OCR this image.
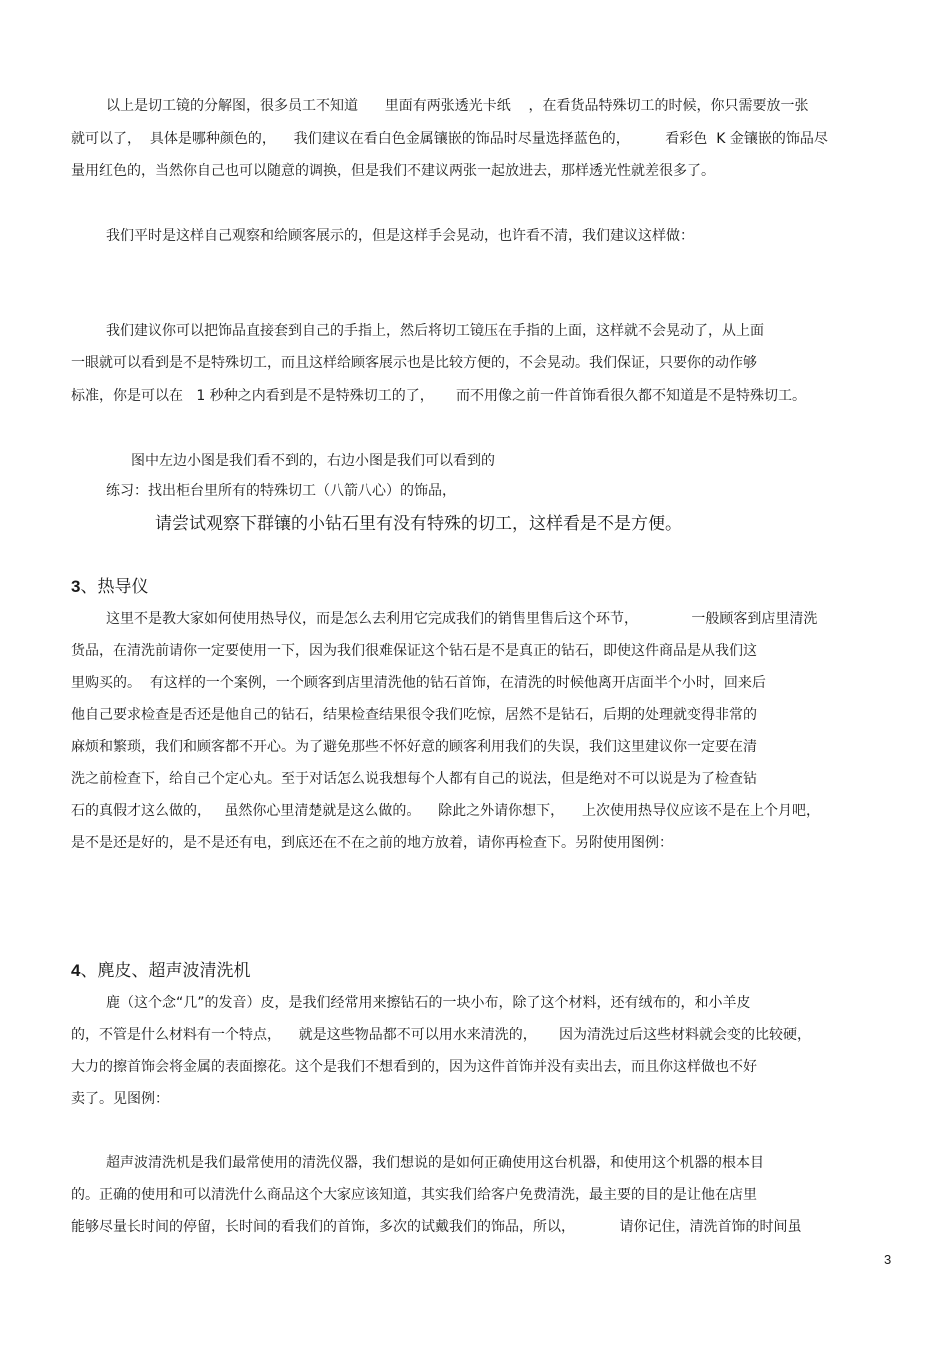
以上是切工镜的分解图，很多员工不知道      里面有两张透光卡纸    ，在看货品特殊切工的时候，你只需要放一张
就可以了，  具体是哪种颜色的，    我们建议在看白色金属镶嵌的饰品时尽量选择蓝色的，        看彩色  K 金镶嵌的饰品尽
量用红色的，当然你自己也可以随意的调换，但是我们不建议两张一起放进去，那样透光性就差很多了。
我们平时是这样自己观察和给顾客展示的，但是这样手会晃动，也许看不清，我们建议这样做：
我们建议你可以把饰品直接套到自己的手指上，然后将切工镜压在手指的上面，这样就不会晃动了，从上面
一眼就可以看到是不是特殊切工，而且这样给顾客展示也是比较方便的，不会晃动。我们保证，只要你的动作够
标准，你是可以在   1 秒种之内看到是不是特殊切工的了，     而不用像之前一件首饰看很久都不知道是不是特殊切工。
图中左边小图是我们看不到的，右边小图是我们可以看到的
练习：找出柜台里所有的特殊切工（八箭八心）的饰品，
请尝试观察下群镶的小钻石里有没有特殊的切工，这样看是不是方便。
3、热导仪
这里不是教大家如何使用热导仪，而是怎么去利用它完成我们的销售里售后这个环节，            一般顾客到店里清洗
货品，在清洗前请你一定要使用一下，因为我们很难保证这个钻石是不是真正的钻石，即使这件商品是从我们这
里购买的。  有这样的一个案例，一个顾客到店里清洗他的钻石首饰，在清洗的时候他离开店面半个小时，回来后
他自己要求检查是否还是他自己的钻石，结果检查结果很令我们吃惊，居然不是钻石，后期的处理就变得非常的
麻烦和繁琐，我们和顾客都不开心。为了避免那些不怀好意的顾客利用我们的失误，我们这里建议你一定要在清
洗之前检查下，给自己个定心丸。至于对话怎么说我想每个人都有自己的说法，但是绝对不可以说是为了检查钻
石的真假才这么做的，   虽然你心里清楚就是这么做的。    除此之外请你想下，    上次使用热导仪应该不是在上个月吧，
是不是还是好的，是不是还有电，到底还在不在之前的地方放着，请你再检查下。另附使用图例：
4、麂皮、超声波清洗机
鹿（这个念“几”的发音）皮，是我们经常用来擦钻石的一块小布，除了这个材料，还有绒布的，和小羊皮
的，不管是什么材料有一个特点，    就是这些物品都不可以用水来清洗的，     因为清洗过后这些材料就会变的比较硬，
大力的擦首饰会将金属的表面擦花。这个是我们不想看到的，因为这件首饰并没有卖出去，而且你这样做也不好
卖了。见图例：
超声波清洗机是我们最常使用的清洗仪器，我们想说的是如何正确使用这台机器，和使用这个机器的根本目
的。正确的使用和可以清洗什么商品这个大家应该知道，其实我们给客户免费清洗，最主要的目的是让他在店里
能够尽量长时间的停留，长时间的看我们的首饰，多次的试戴我们的饰品，所以，          请你记住，清洗首饰的时间虽
3
